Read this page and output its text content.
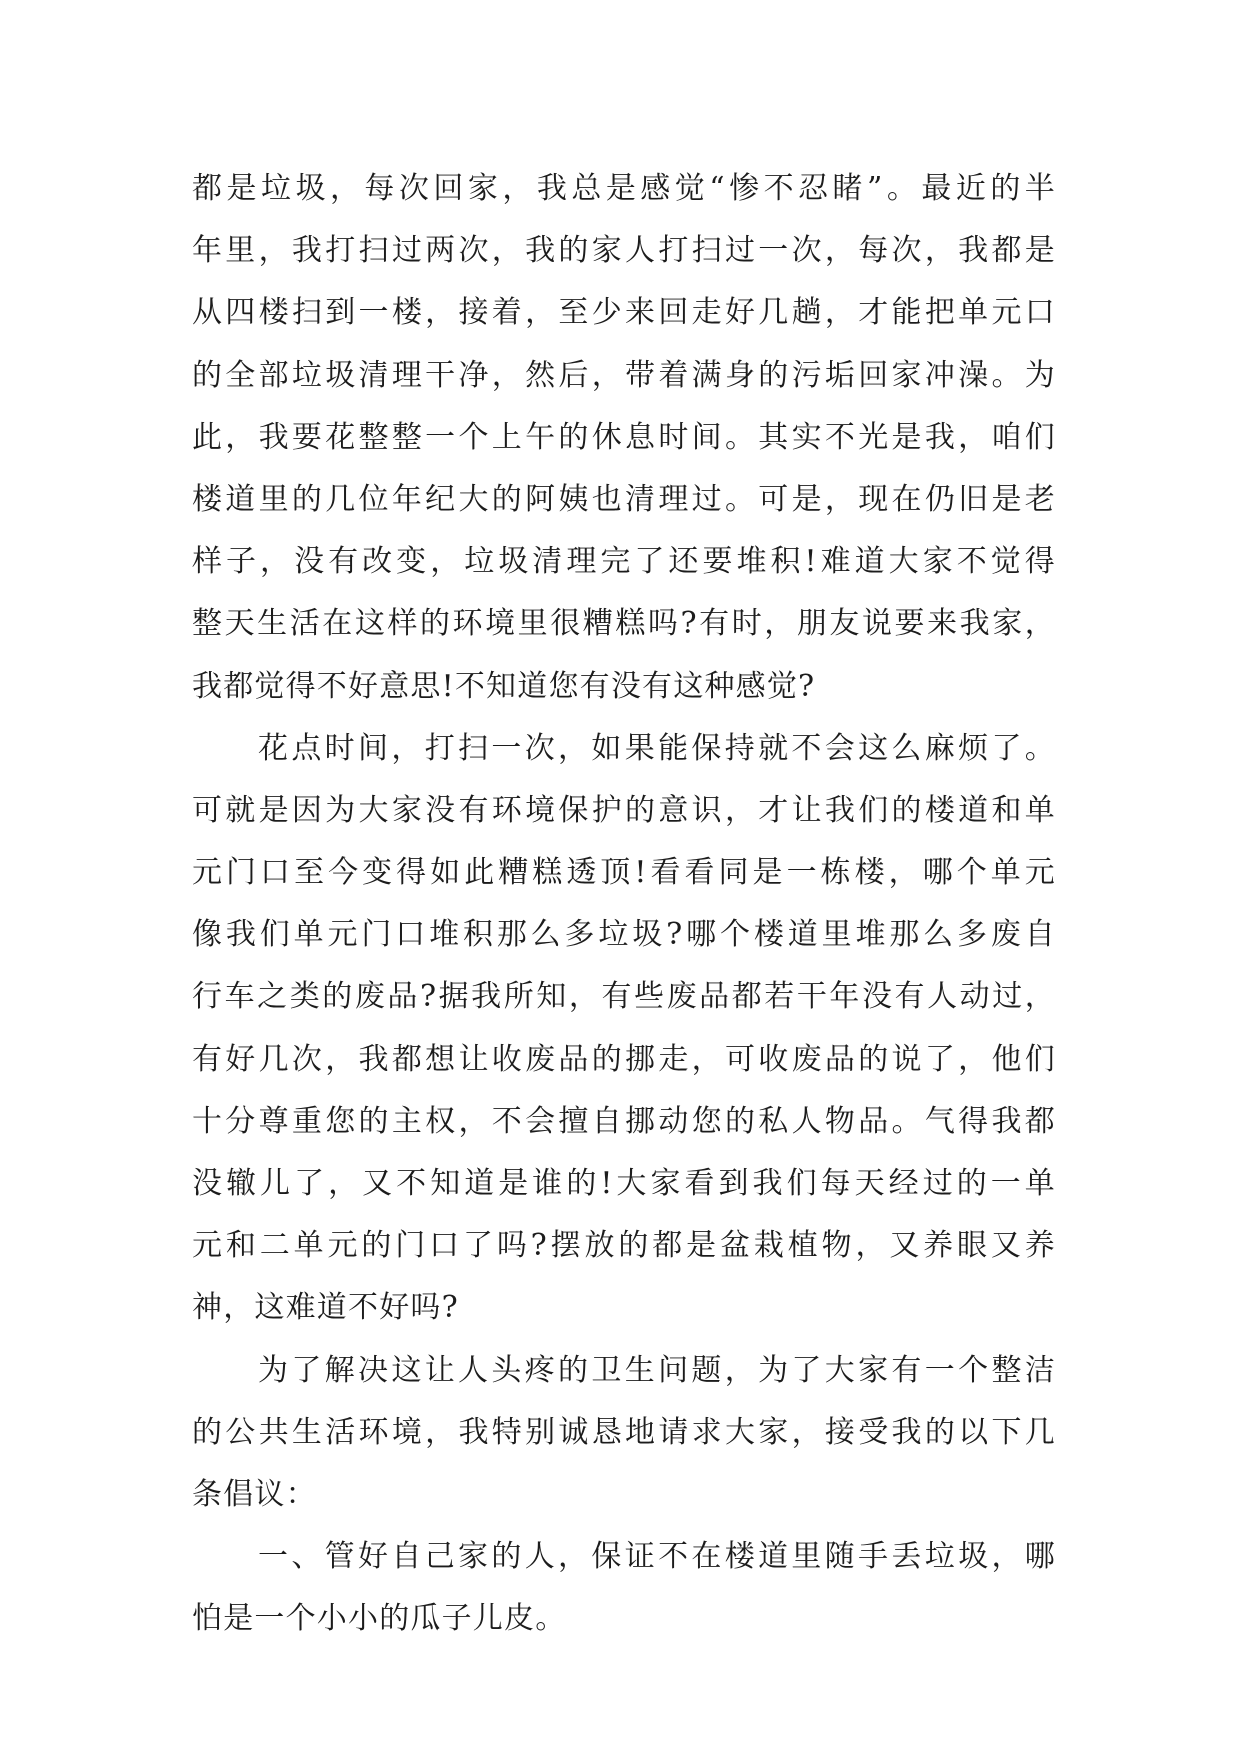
都是垃圾，每次回家，我总是感觉“惨不忍睹”。最近的半
年里，我打扫过两次，我的家人打扫过一次，每次，我都是
从四楼扫到一楼，接着，至少来回走好几趟，才能把单元口
的全部垃圾清理干净，然后，带着满身的污垢回家冲澡。为
此，我要花整整一个上午的休息时间。其实不光是我，咱们
楼道里的几位年纪大的阿姨也清理过。可是，现在仍旧是老
样子，没有改变，垃圾清理完了还要堆积!难道大家不觉得
整天生活在这样的环境里很糟糕吗?有时，朋友说要来我家，
我都觉得不好意思!不知道您有没有这种感觉?
花点时间，打扫一次，如果能保持就不会这么麻烦了。
可就是因为大家没有环境保护的意识，才让我们的楼道和单
元门口至今变得如此糟糕透顶!看看同是一栋楼，哪个单元
像我们单元门口堆积那么多垃圾?哪个楼道里堆那么多废自
行车之类的废品?据我所知，有些废品都若干年没有人动过，
有好几次，我都想让收废品的挪走，可收废品的说了，他们
十分尊重您的主权，不会擅自挪动您的私人物品。气得我都
没辙儿了，又不知道是谁的!大家看到我们每天经过的一单
元和二单元的门口了吗?摆放的都是盆栽植物，又养眼又养
神，这难道不好吗?
为了解决这让人头疼的卫生问题，为了大家有一个整洁
的公共生活环境，我特别诚恳地请求大家，接受我的以下几
条倡议：
一、管好自己家的人，保证不在楼道里随手丢垃圾，哪
怕是一个小小的瓜子儿皮。
